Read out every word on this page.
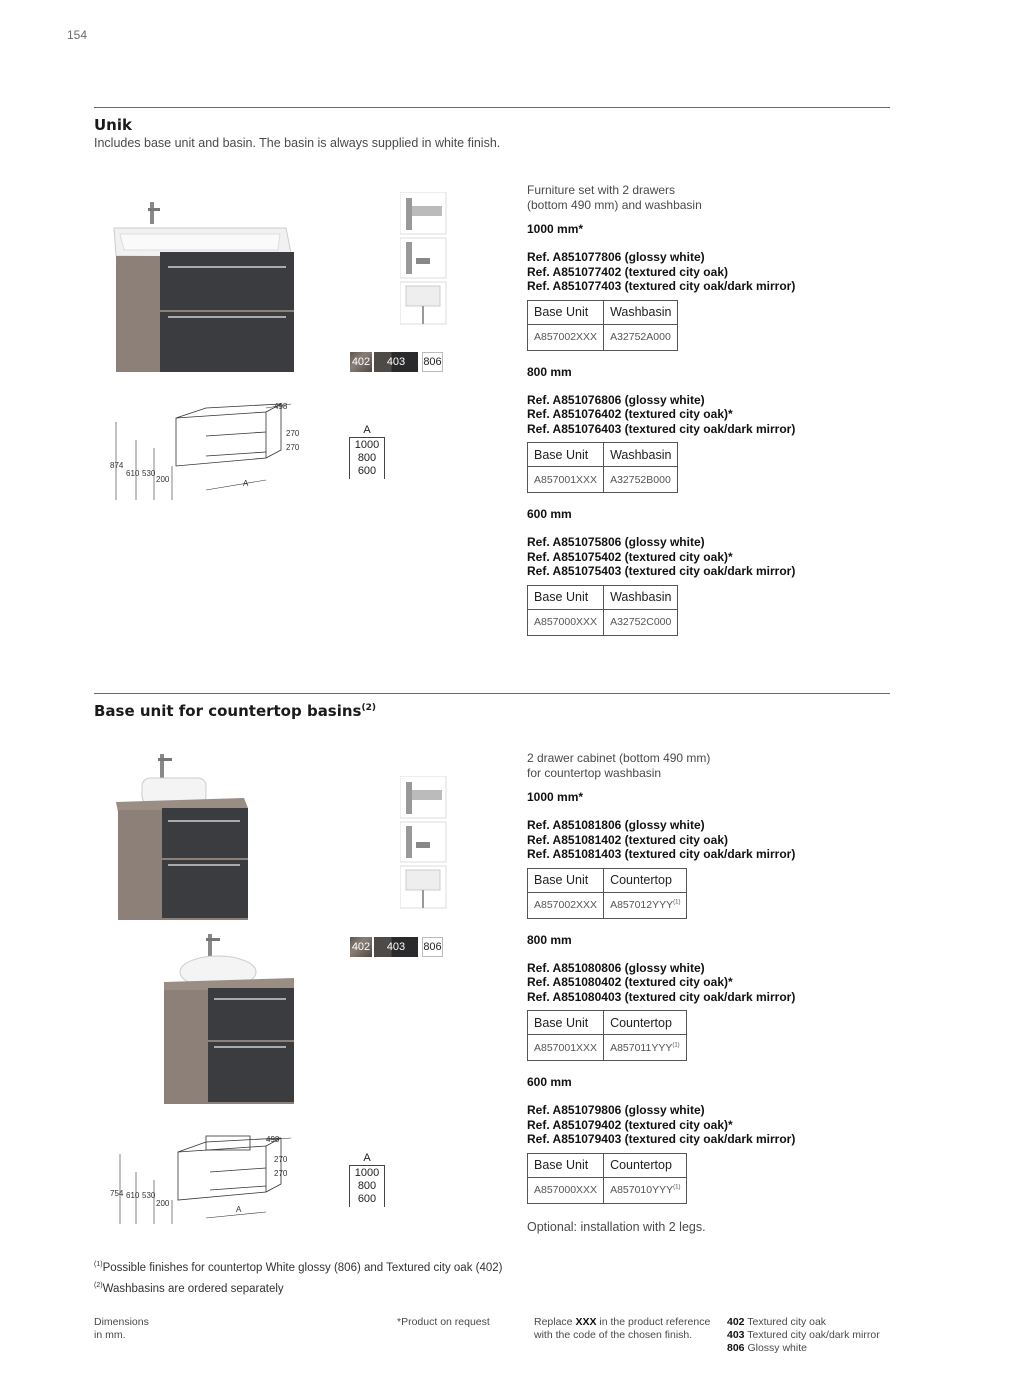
154
Unik
Includes base unit and basin. The basin is always supplied in white finish.
402	403	806
874
610 530
200
498
270
270
A
A
1000
800
600
Furniture set with 2 drawers
(bottom 490 mm) and washbasin
1000 mm*
Ref. A851077806 (glossy white)
Ref. A851077402 (textured city oak)
Ref. A851077403 (textured city oak/dark mirror)
Base Unit	Washbasin
A857002XXX	A32752A000
800 mm
Ref. A851076806 (glossy white)
Ref. A851076402 (textured city oak)*
Ref. A851076403 (textured city oak/dark mirror)
Base Unit	Washbasin
A857001XXX	A32752B000
600 mm
Ref. A851075806 (glossy white)
Ref. A851075402 (textured city oak)*
Ref. A851075403 (textured city oak/dark mirror)
Base Unit	Washbasin
A857000XXX	A32752C000
Base unit for countertop basins$^{(2)}$
402	403	806
754 610 530
200
498
270
270
A
A
1000
800
600
2 drawer cabinet (bottom 490 mm)
for countertop washbasin
1000 mm*
Ref. A851081806 (glossy white)
Ref. A851081402 (textured city oak)
Ref. A851081403 (textured city oak/dark mirror)
Base Unit	Countertop
A857002XXX	A857012YYY$^{(1)}$
800 mm
Ref. A851080806 (glossy white)
Ref. A851080402 (textured city oak)*
Ref. A851080403 (textured city oak/dark mirror)
Base Unit	Countertop
A857001XXX	A857011YYY$^{(1)}$
600 mm
Ref. A851079806 (glossy white)
Ref. A851079402 (textured city oak)*
Ref. A851079403 (textured city oak/dark mirror)
Base Unit	Countertop
A857000XXX	A857010YYY$^{(1)}$
Optional: installation with 2 legs.
$^{(1)}$Possible finishes for countertop White glossy (806) and Textured city oak (402)
$^{(2)}$Washbasins are ordered separately
Dimensions
in mm.
*Product on request	Replace XXX in the product reference
with the code of the chosen finish.
402 Textured city oak
403 Textured city oak/dark mirror
806 Glossy white
